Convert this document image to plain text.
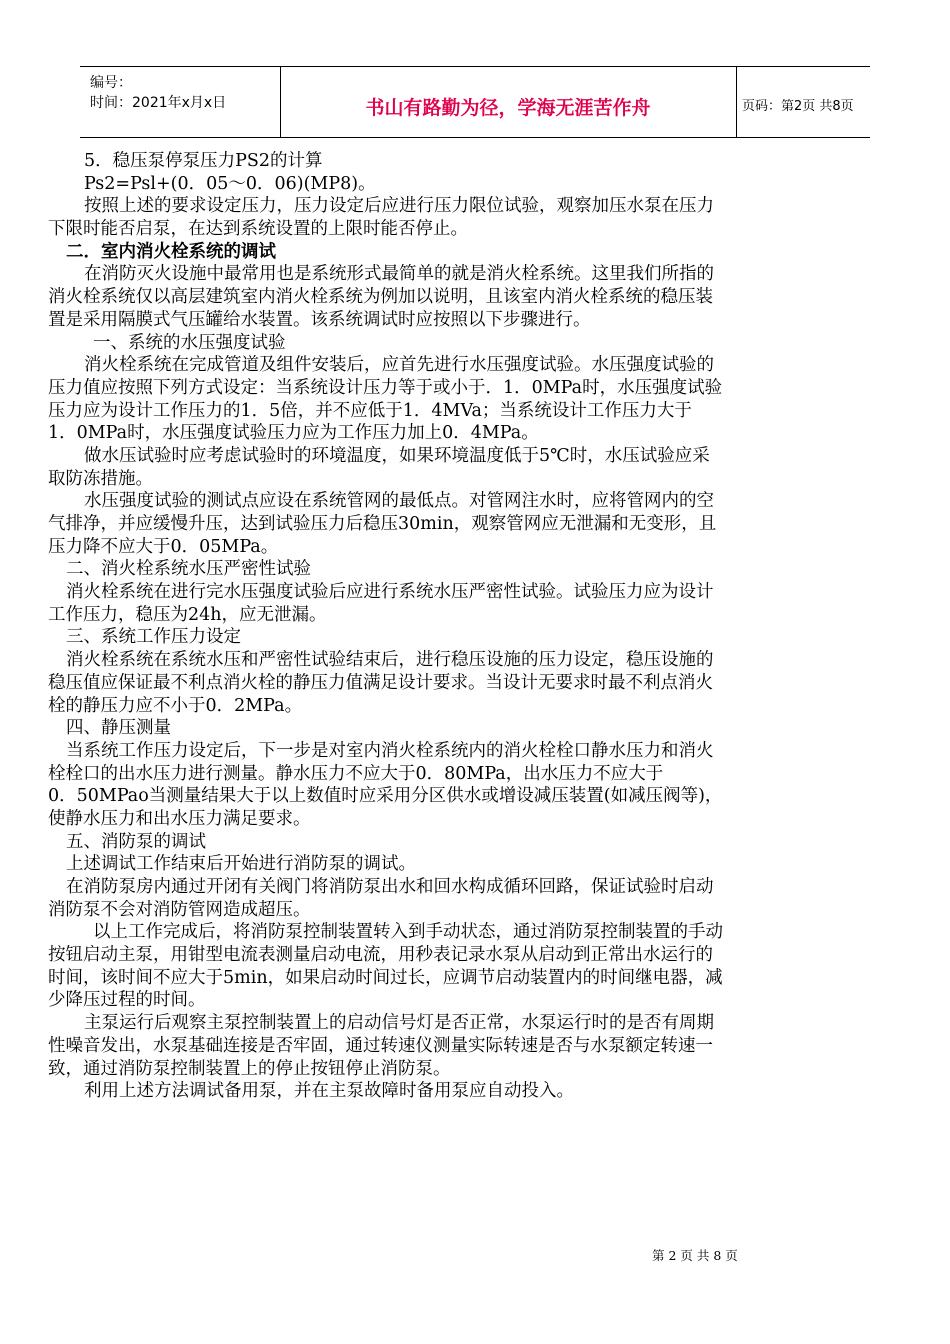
编号：
时间：2021年x月x日	书山有路勤为径，学海无涯苦作舟	页码：第2页 共8页
5．稳压泵停泵压力PS2的计算
Ps2=Psl+(0．05～0．06)(MP8)。
按照上述的要求设定压力，压力设定后应进行压力限位试验，观察加压水泵在压力
下限时能否启泵，在达到系统设置的上限时能否停止。
二．室内消火栓系统的调试
在消防灭火设施中最常用也是系统形式最简单的就是消火栓系统。这里我们所指的
消火栓系统仅以高层建筑室内消火栓系统为例加以说明，且该室内消火栓系统的稳压装
置是采用隔膜式气压罐给水装置。该系统调试时应按照以下步骤进行。
一、系统的水压强度试验
消火栓系统在完成管道及组件安装后，应首先进行水压强度试验。水压强度试验的
压力值应按照下列方式设定：当系统设计压力等于或小于．1．0MPa时，水压强度试验
压力应为设计工作压力的1．5倍，并不应低于1．4MVa；当系统设计工作压力大于
1．0MPa时，水压强度试验压力应为工作压力加上0．4MPa。
做水压试验时应考虑试验时的环境温度，如果环境温度低于5℃时，水压试验应采
取防冻措施。
水压强度试验的测试点应设在系统管网的最低点。对管网注水时，应将管网内的空
气排净，并应缓慢升压，达到试验压力后稳压30min，观察管网应无泄漏和无变形，且
压力降不应大于0．05MPa。
二、消火栓系统水压严密性试验
消火栓系统在进行完水压强度试验后应进行系统水压严密性试验。试验压力应为设计
工作压力，稳压为24h，应无泄漏。
三、系统工作压力设定
消火栓系统在系统水压和严密性试验结束后，进行稳压设施的压力设定，稳压设施的
稳压值应保证最不利点消火栓的静压力值满足设计要求。当设计无要求时最不利点消火
栓的静压力应不小于0．2MPa。
四、静压测量
当系统工作压力设定后，下一步是对室内消火栓系统内的消火栓栓口静水压力和消火
栓栓口的出水压力进行测量。静水压力不应大于0．80MPa，出水压力不应大于
0．50MPao当测量结果大于以上数值时应采用分区供水或增设减压装置(如减压阀等)，
使静水压力和出水压力满足要求。
五、消防泵的调试
上述调试工作结束后开始进行消防泵的调试。
在消防泵房内通过开闭有关阀门将消防泵出水和回水构成循环回路，保证试验时启动
消防泵不会对消防管网造成超压。
以上工作完成后，将消防泵控制装置转入到手动状态，通过消防泵控制装置的手动
按钮启动主泵，用钳型电流表测量启动电流，用秒表记录水泵从启动到正常出水运行的
时间，该时间不应大于5min，如果启动时间过长，应调节启动装置内的时间继电器，减
少降压过程的时间。
主泵运行后观察主泵控制装置上的启动信号灯是否正常，水泵运行时的是否有周期
性噪音发出，水泵基础连接是否牢固，通过转速仪测量实际转速是否与水泵额定转速一
致，通过消防泵控制装置上的停止按钮停止消防泵。
利用上述方法调试备用泵，并在主泵故障时备用泵应自动投入。
第 2 页 共 8 页
